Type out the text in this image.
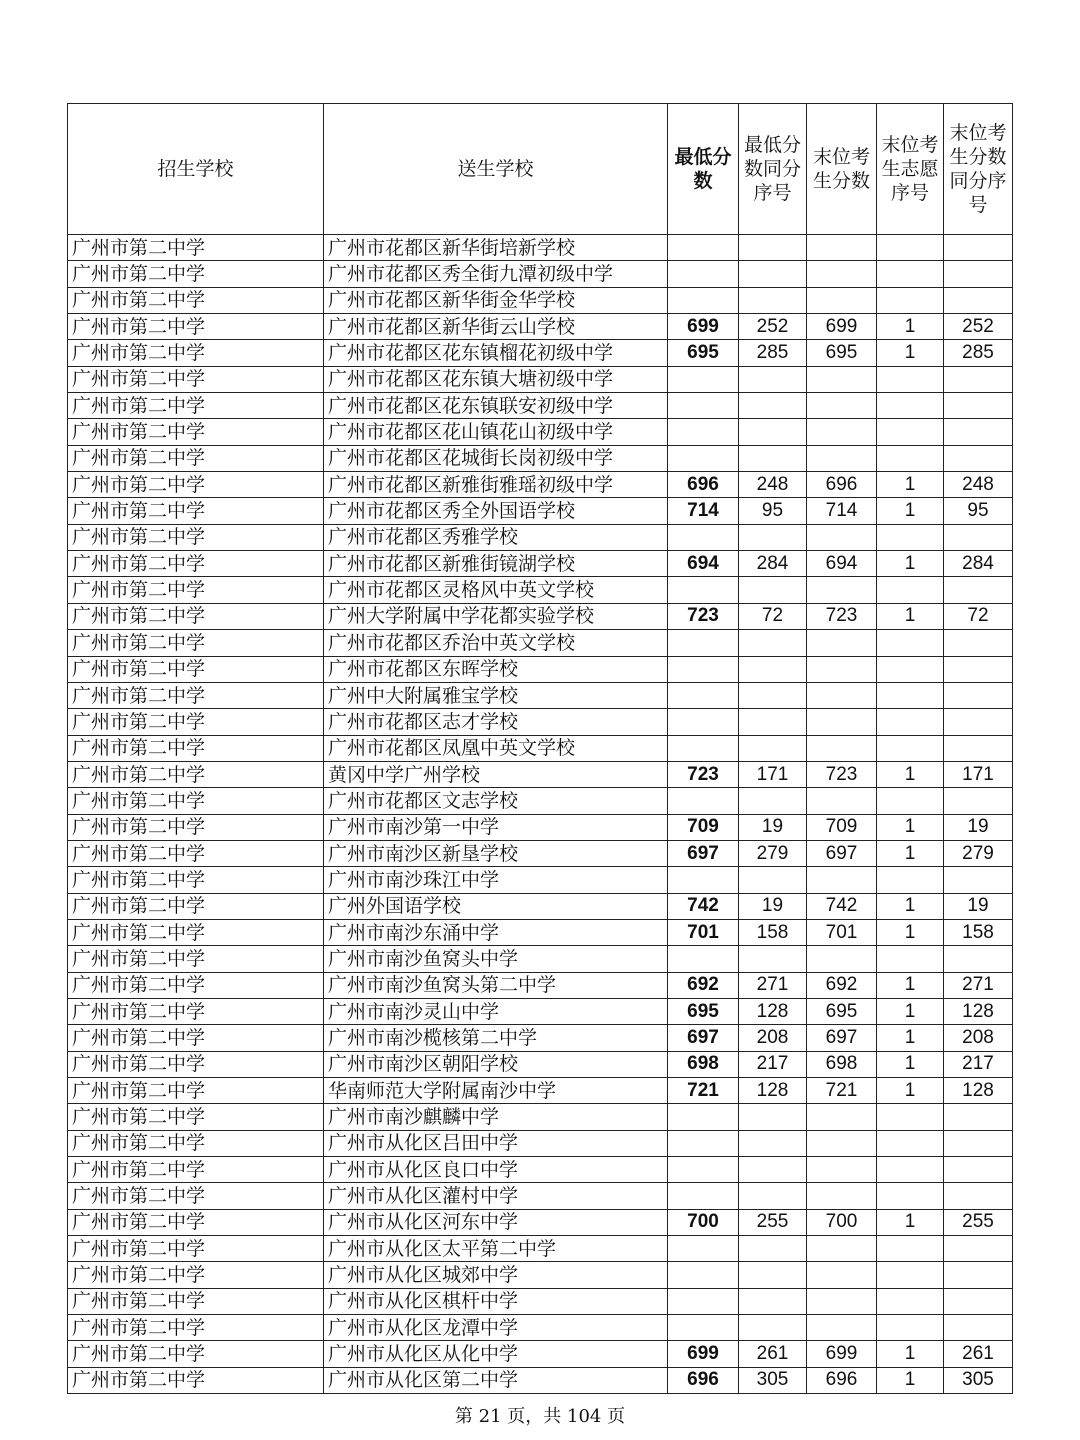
招生学校	送生学校	最低分数	最低分数同分序号	末位考生分数	末位考生志愿序号	末位考生分数同分序号
广州市第二中学	广州市花都区新华街培新学校					
广州市第二中学	广州市花都区秀全街九潭初级中学					
广州市第二中学	广州市花都区新华街金华学校					
广州市第二中学	广州市花都区新华街云山学校	699	252	699	1	252
广州市第二中学	广州市花都区花东镇榴花初级中学	695	285	695	1	285
广州市第二中学	广州市花都区花东镇大塘初级中学					
广州市第二中学	广州市花都区花东镇联安初级中学					
广州市第二中学	广州市花都区花山镇花山初级中学					
广州市第二中学	广州市花都区花城街长岗初级中学					
广州市第二中学	广州市花都区新雅街雅瑶初级中学	696	248	696	1	248
广州市第二中学	广州市花都区秀全外国语学校	714	95	714	1	95
广州市第二中学	广州市花都区秀雅学校					
广州市第二中学	广州市花都区新雅街镜湖学校	694	284	694	1	284
广州市第二中学	广州市花都区灵格风中英文学校					
广州市第二中学	广州大学附属中学花都实验学校	723	72	723	1	72
广州市第二中学	广州市花都区乔治中英文学校					
广州市第二中学	广州市花都区东晖学校					
广州市第二中学	广州中大附属雅宝学校					
广州市第二中学	广州市花都区志才学校					
广州市第二中学	广州市花都区凤凰中英文学校					
广州市第二中学	黄冈中学广州学校	723	171	723	1	171
广州市第二中学	广州市花都区文志学校					
广州市第二中学	广州市南沙第一中学	709	19	709	1	19
广州市第二中学	广州市南沙区新垦学校	697	279	697	1	279
广州市第二中学	广州市南沙珠江中学					
广州市第二中学	广州外国语学校	742	19	742	1	19
广州市第二中学	广州市南沙东涌中学	701	158	701	1	158
广州市第二中学	广州市南沙鱼窝头中学					
广州市第二中学	广州市南沙鱼窝头第二中学	692	271	692	1	271
广州市第二中学	广州市南沙灵山中学	695	128	695	1	128
广州市第二中学	广州市南沙榄核第二中学	697	208	697	1	208
广州市第二中学	广州市南沙区朝阳学校	698	217	698	1	217
广州市第二中学	华南师范大学附属南沙中学	721	128	721	1	128
广州市第二中学	广州市南沙麒麟中学					
广州市第二中学	广州市从化区吕田中学					
广州市第二中学	广州市从化区良口中学					
广州市第二中学	广州市从化区灌村中学					
广州市第二中学	广州市从化区河东中学	700	255	700	1	255
广州市第二中学	广州市从化区太平第二中学					
广州市第二中学	广州市从化区城郊中学					
广州市第二中学	广州市从化区棋杆中学					
广州市第二中学	广州市从化区龙潭中学					
广州市第二中学	广州市从化区从化中学	699	261	699	1	261
广州市第二中学	广州市从化区第二中学	696	305	696	1	305
第 21 页，共 104 页
